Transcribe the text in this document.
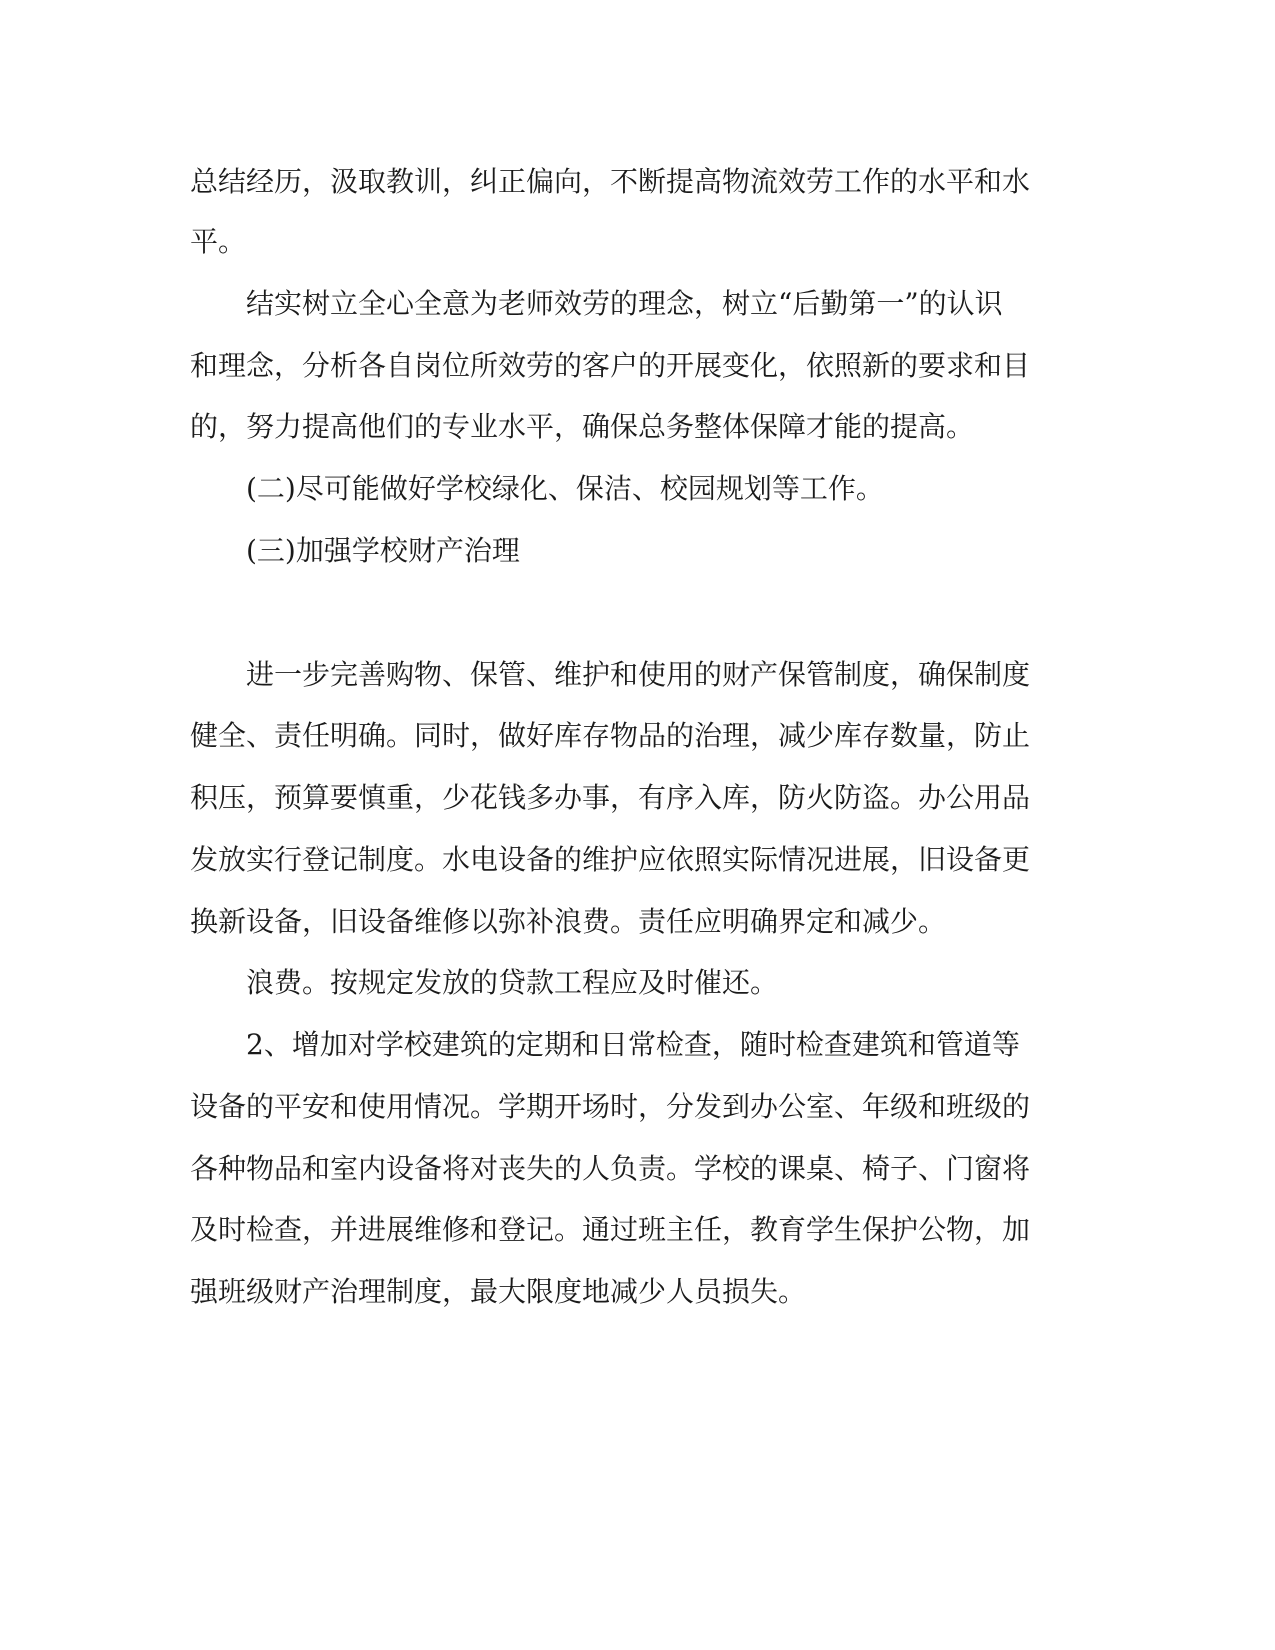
总结经历，汲取教训，纠正偏向，不断提高物流效劳工作的水平和水
平。
结实树立全心全意为老师效劳的理念，树立“后勤第一”的认识
和理念，分析各自岗位所效劳的客户的开展变化，依照新的要求和目
的，努力提高他们的专业水平，确保总务整体保障才能的提高。
(二)尽可能做好学校绿化、保洁、校园规划等工作。
(三)加强学校财产治理
进一步完善购物、保管、维护和使用的财产保管制度，确保制度
健全、责任明确。同时，做好库存物品的治理，减少库存数量，防止
积压，预算要慎重，少花钱多办事，有序入库，防火防盗。办公用品
发放实行登记制度。水电设备的维护应依照实际情况进展，旧设备更
换新设备，旧设备维修以弥补浪费。责任应明确界定和减少。
浪费。按规定发放的贷款工程应及时催还。
2、增加对学校建筑的定期和日常检查，随时检查建筑和管道等
设备的平安和使用情况。学期开场时，分发到办公室、年级和班级的
各种物品和室内设备将对丧失的人负责。学校的课桌、椅子、门窗将
及时检查，并进展维修和登记。通过班主任，教育学生保护公物，加
强班级财产治理制度，最大限度地减少人员损失。
